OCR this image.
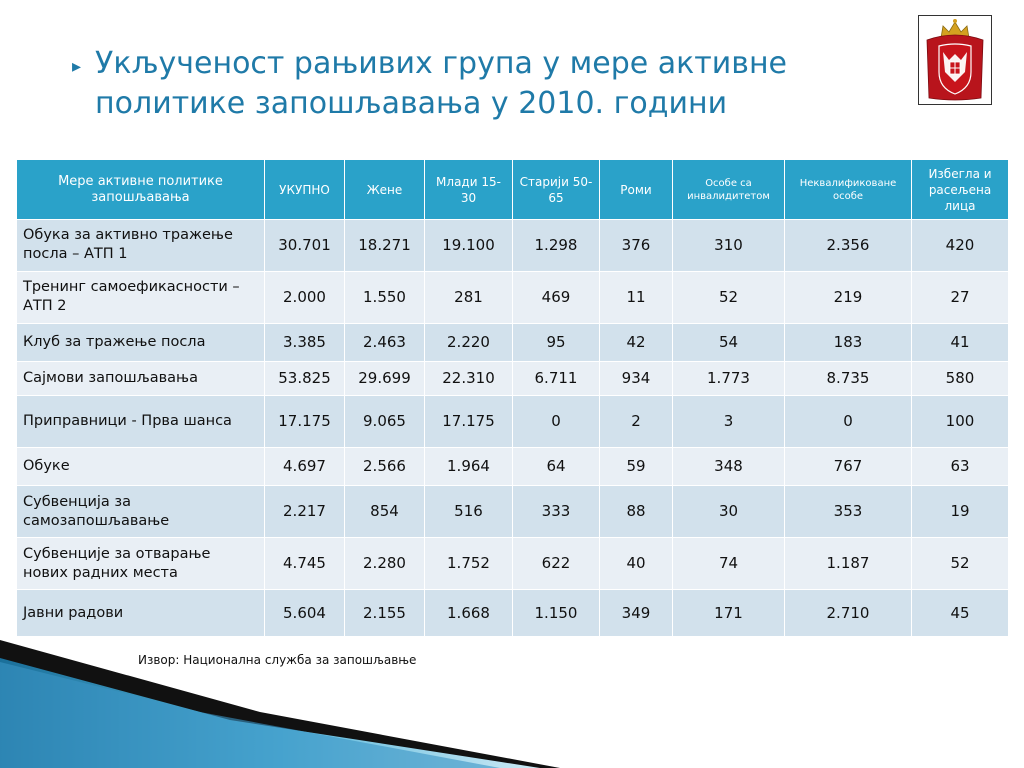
▸ Укљученост рањивих група у мере активне
политике запошљавања у 2010. години
Мере активне политике запошљавања	УКУПНО	Жене	Млади 15-30	Старији 50-65	Роми	Особе са инвалидитетом	Неквалификоване особе	Избегла и расељена лица
Обука за активно тражење посла – АТП 1	30.701	18.271	19.100	1.298	376	310	2.356	420
Тренинг самоефикасности – АТП 2	2.000	1.550	281	469	11	52	219	27
Клуб за тражење посла	3.385	2.463	2.220	95	42	54	183	41
Сајмови запошљавања	53.825	29.699	22.310	6.711	934	1.773	8.735	580
Приправници - Прва шанса	17.175	9.065	17.175	0	2	3	0	100
Обуке	4.697	2.566	1.964	64	59	348	767	63
Субвенција за самозапошљавање	2.217	854	516	333	88	30	353	19
Субвенције за отварање нових радних места	4.745	2.280	1.752	622	40	74	1.187	52
Јавни радови	5.604	2.155	1.668	1.150	349	171	2.710	45
Извор: Национална служба за запошљавње
